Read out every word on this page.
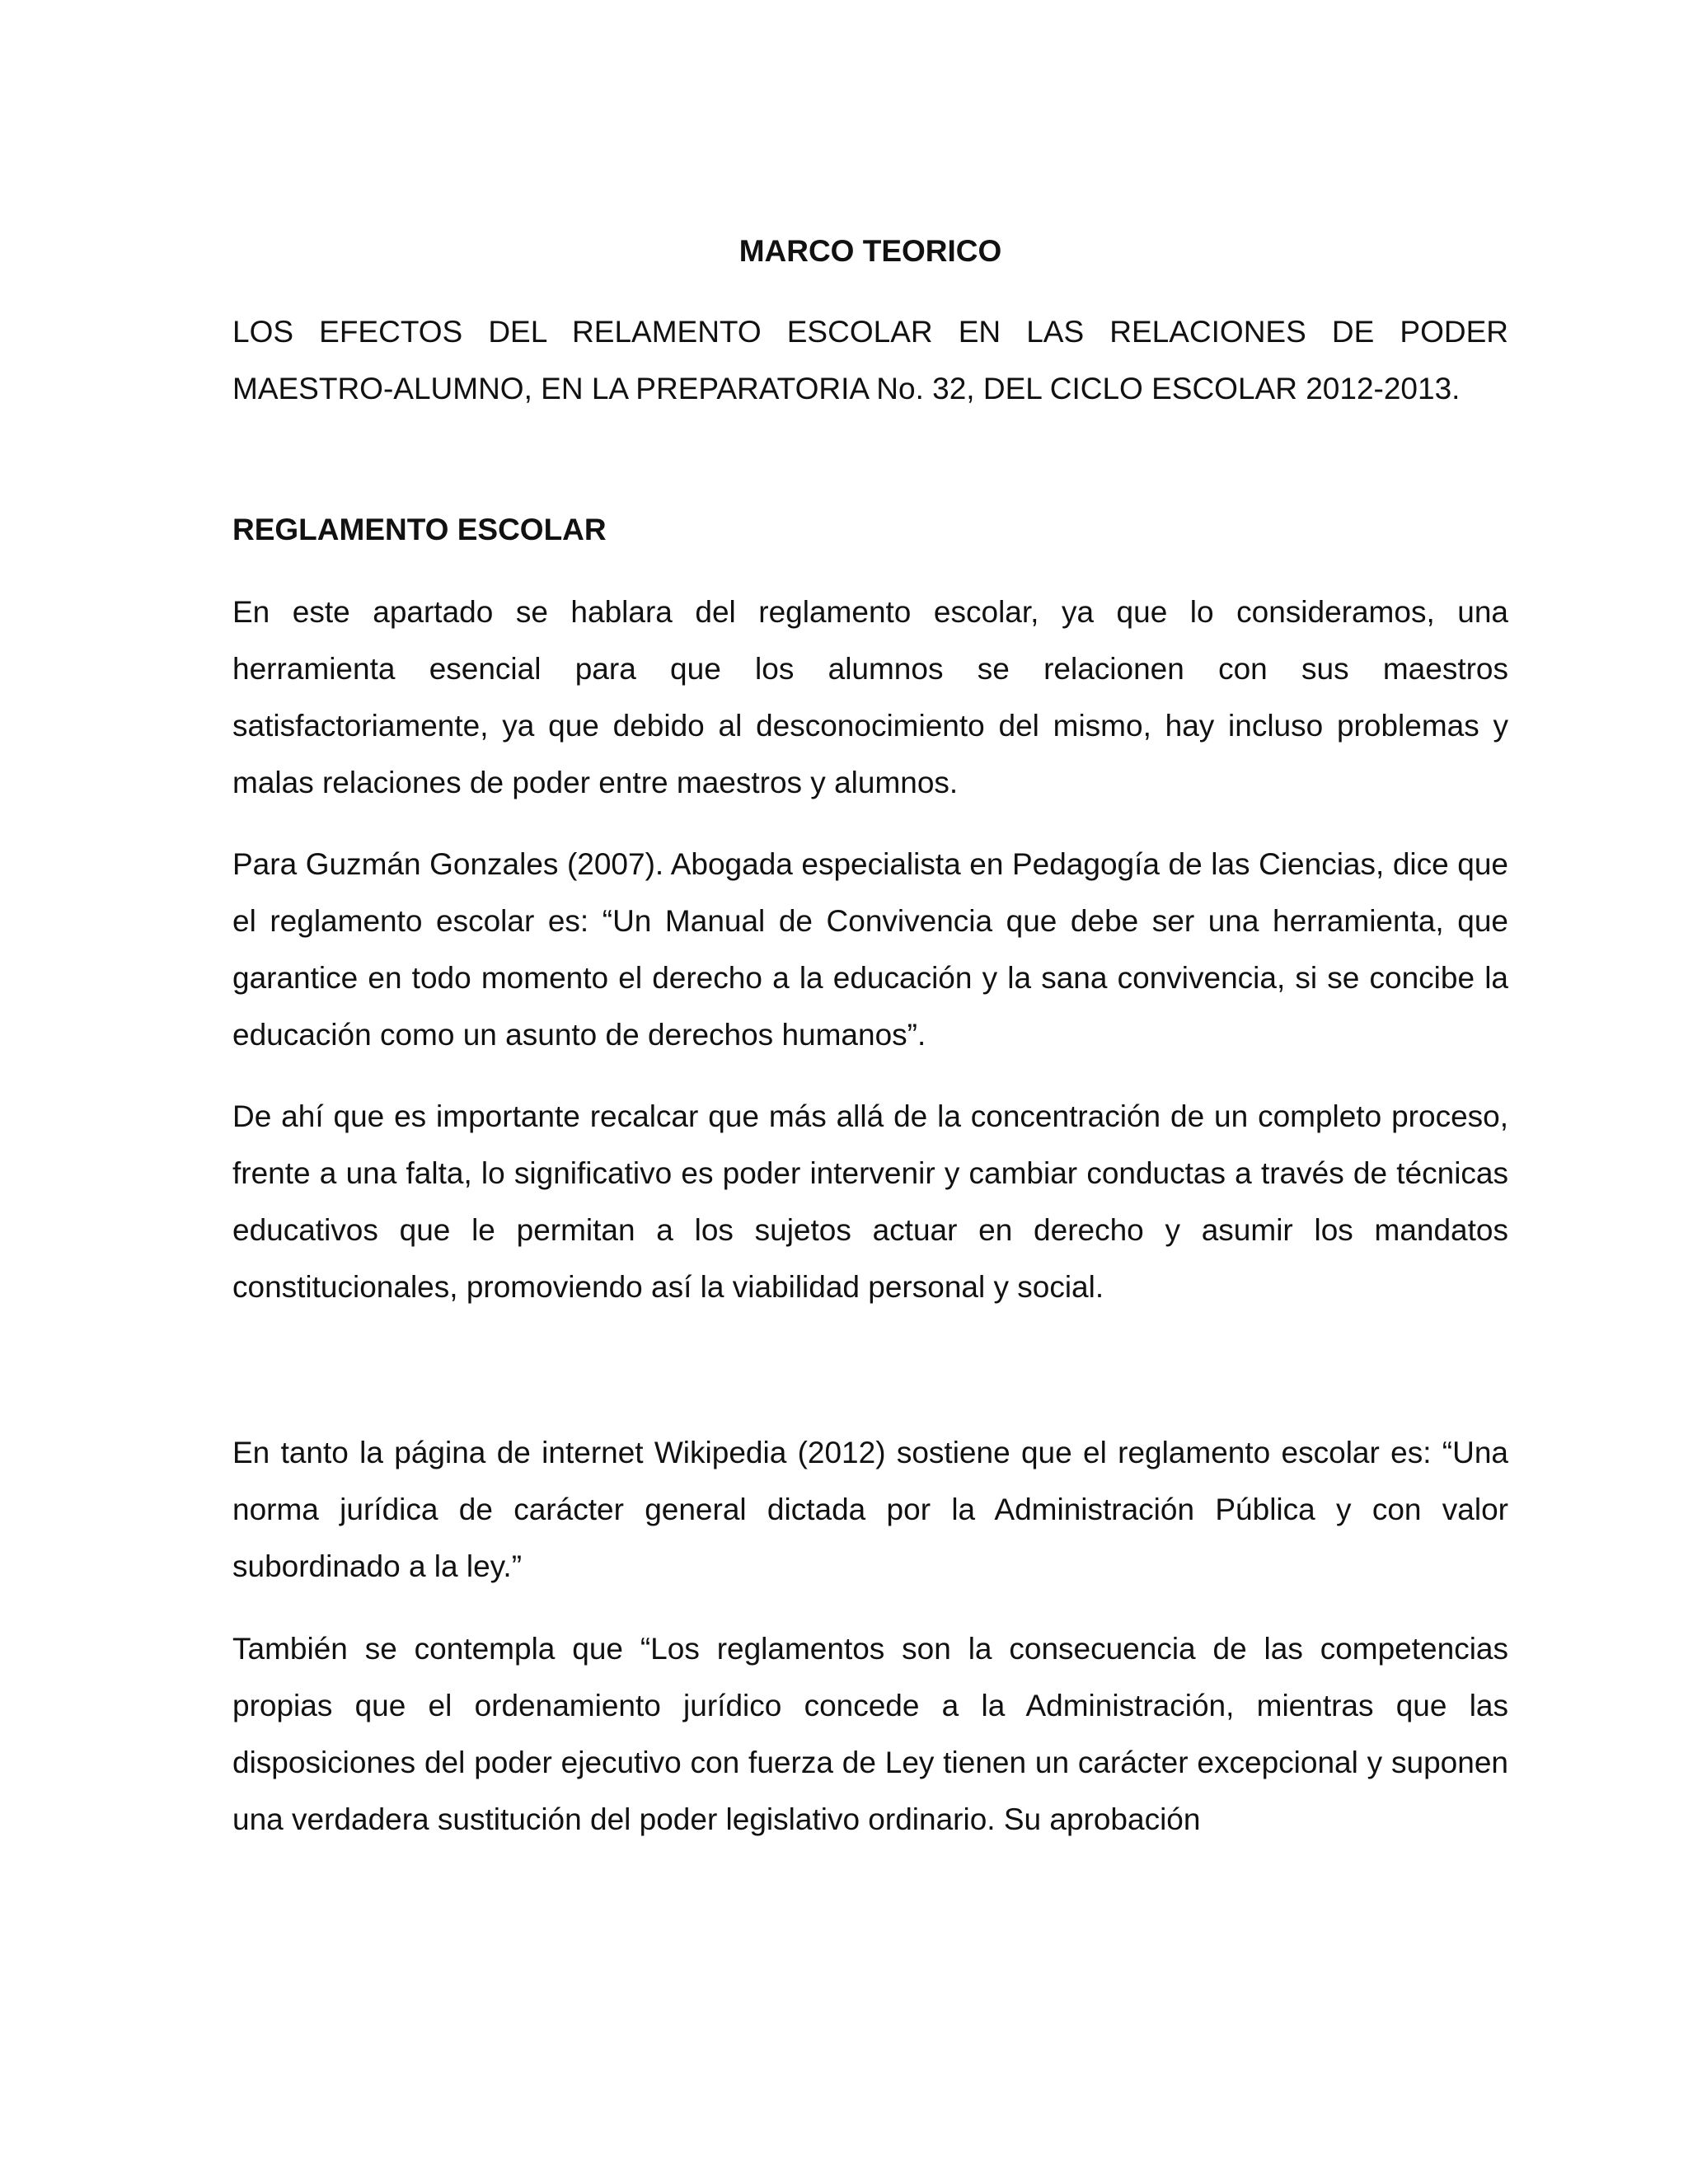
MARCO TEORICO

LOS EFECTOS DEL RELAMENTO ESCOLAR EN LAS RELACIONES DE PODER MAESTRO-ALUMNO, EN LA PREPARATORIA No. 32, DEL CICLO ESCOLAR 2012-2013.

REGLAMENTO ESCOLAR

En este apartado se hablara del reglamento escolar, ya que lo consideramos, una herramienta esencial para que los alumnos se relacionen con sus maestros satisfactoriamente, ya que debido al desconocimiento del mismo, hay incluso problemas y malas relaciones de poder entre maestros y alumnos.

Para Guzmán Gonzales (2007). Abogada especialista en Pedagogía de las Ciencias, dice que el reglamento escolar es: “Un Manual de Convivencia que debe ser una herramienta, que garantice en todo momento el derecho a la educación y la sana convivencia, si se concibe la educación como un asunto de derechos humanos”.

De ahí que es importante recalcar que más allá de la concentración de un completo proceso, frente a una falta, lo significativo es poder intervenir y cambiar conductas a través de técnicas educativos que le permitan a los sujetos actuar en derecho y asumir los mandatos constitucionales, promoviendo así la viabilidad personal y social.

En tanto la página de internet Wikipedia (2012) sostiene que el reglamento escolar es: “Una norma jurídica de carácter general dictada por la Administración Pública y con valor subordinado a la ley.”

También se contempla que “Los reglamentos son la consecuencia de las competencias propias que el ordenamiento jurídico concede a la Administración, mientras que las disposiciones del poder ejecutivo con fuerza de Ley tienen un carácter excepcional y suponen una verdadera sustitución del poder legislativo ordinario. Su aprobación
